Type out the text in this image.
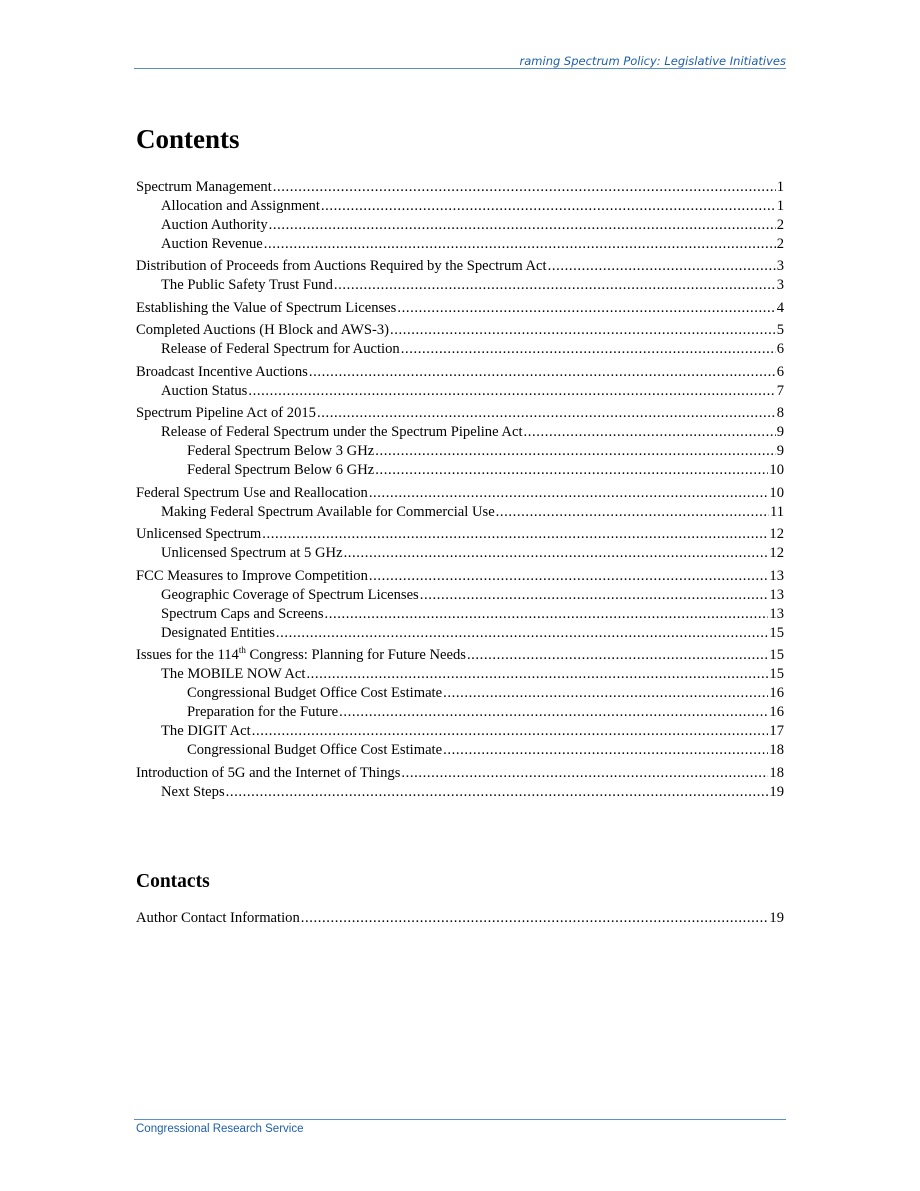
raming Spectrum Policy: Legislative Initiatives
Contents
Spectrum Management .....	1
Allocation and Assignment .....	1
Auction Authority .....	2
Auction Revenue .....	2
Distribution of Proceeds from Auctions Required by the Spectrum Act .....	3
The Public Safety Trust Fund .....	3
Establishing the Value of Spectrum Licenses .....	4
Completed Auctions (H Block and AWS-3) .....	5
Release of Federal Spectrum for Auction .....	6
Broadcast Incentive Auctions .....	6
Auction Status .....	7
Spectrum Pipeline Act of 2015 .....	8
Release of Federal Spectrum under the Spectrum Pipeline Act .....	9
Federal Spectrum Below 3 GHz .....	9
Federal Spectrum Below 6 GHz .....	10
Federal Spectrum Use and Reallocation .....	10
Making Federal Spectrum Available for Commercial Use .....	11
Unlicensed Spectrum .....	12
Unlicensed Spectrum at 5 GHz .....	12
FCC Measures to Improve Competition .....	13
Geographic Coverage of Spectrum Licenses .....	13
Spectrum Caps and Screens .....	13
Designated Entities .....	15
Issues for the 114th Congress: Planning for Future Needs .....	15
The MOBILE NOW Act .....	15
Congressional Budget Office Cost Estimate .....	16
Preparation for the Future .....	16
The DIGIT Act .....	17
Congressional Budget Office Cost Estimate .....	18
Introduction of 5G and the Internet of Things .....	18
Next Steps .....	19
Contacts
Author Contact Information .....	19
Congressional Research Service
